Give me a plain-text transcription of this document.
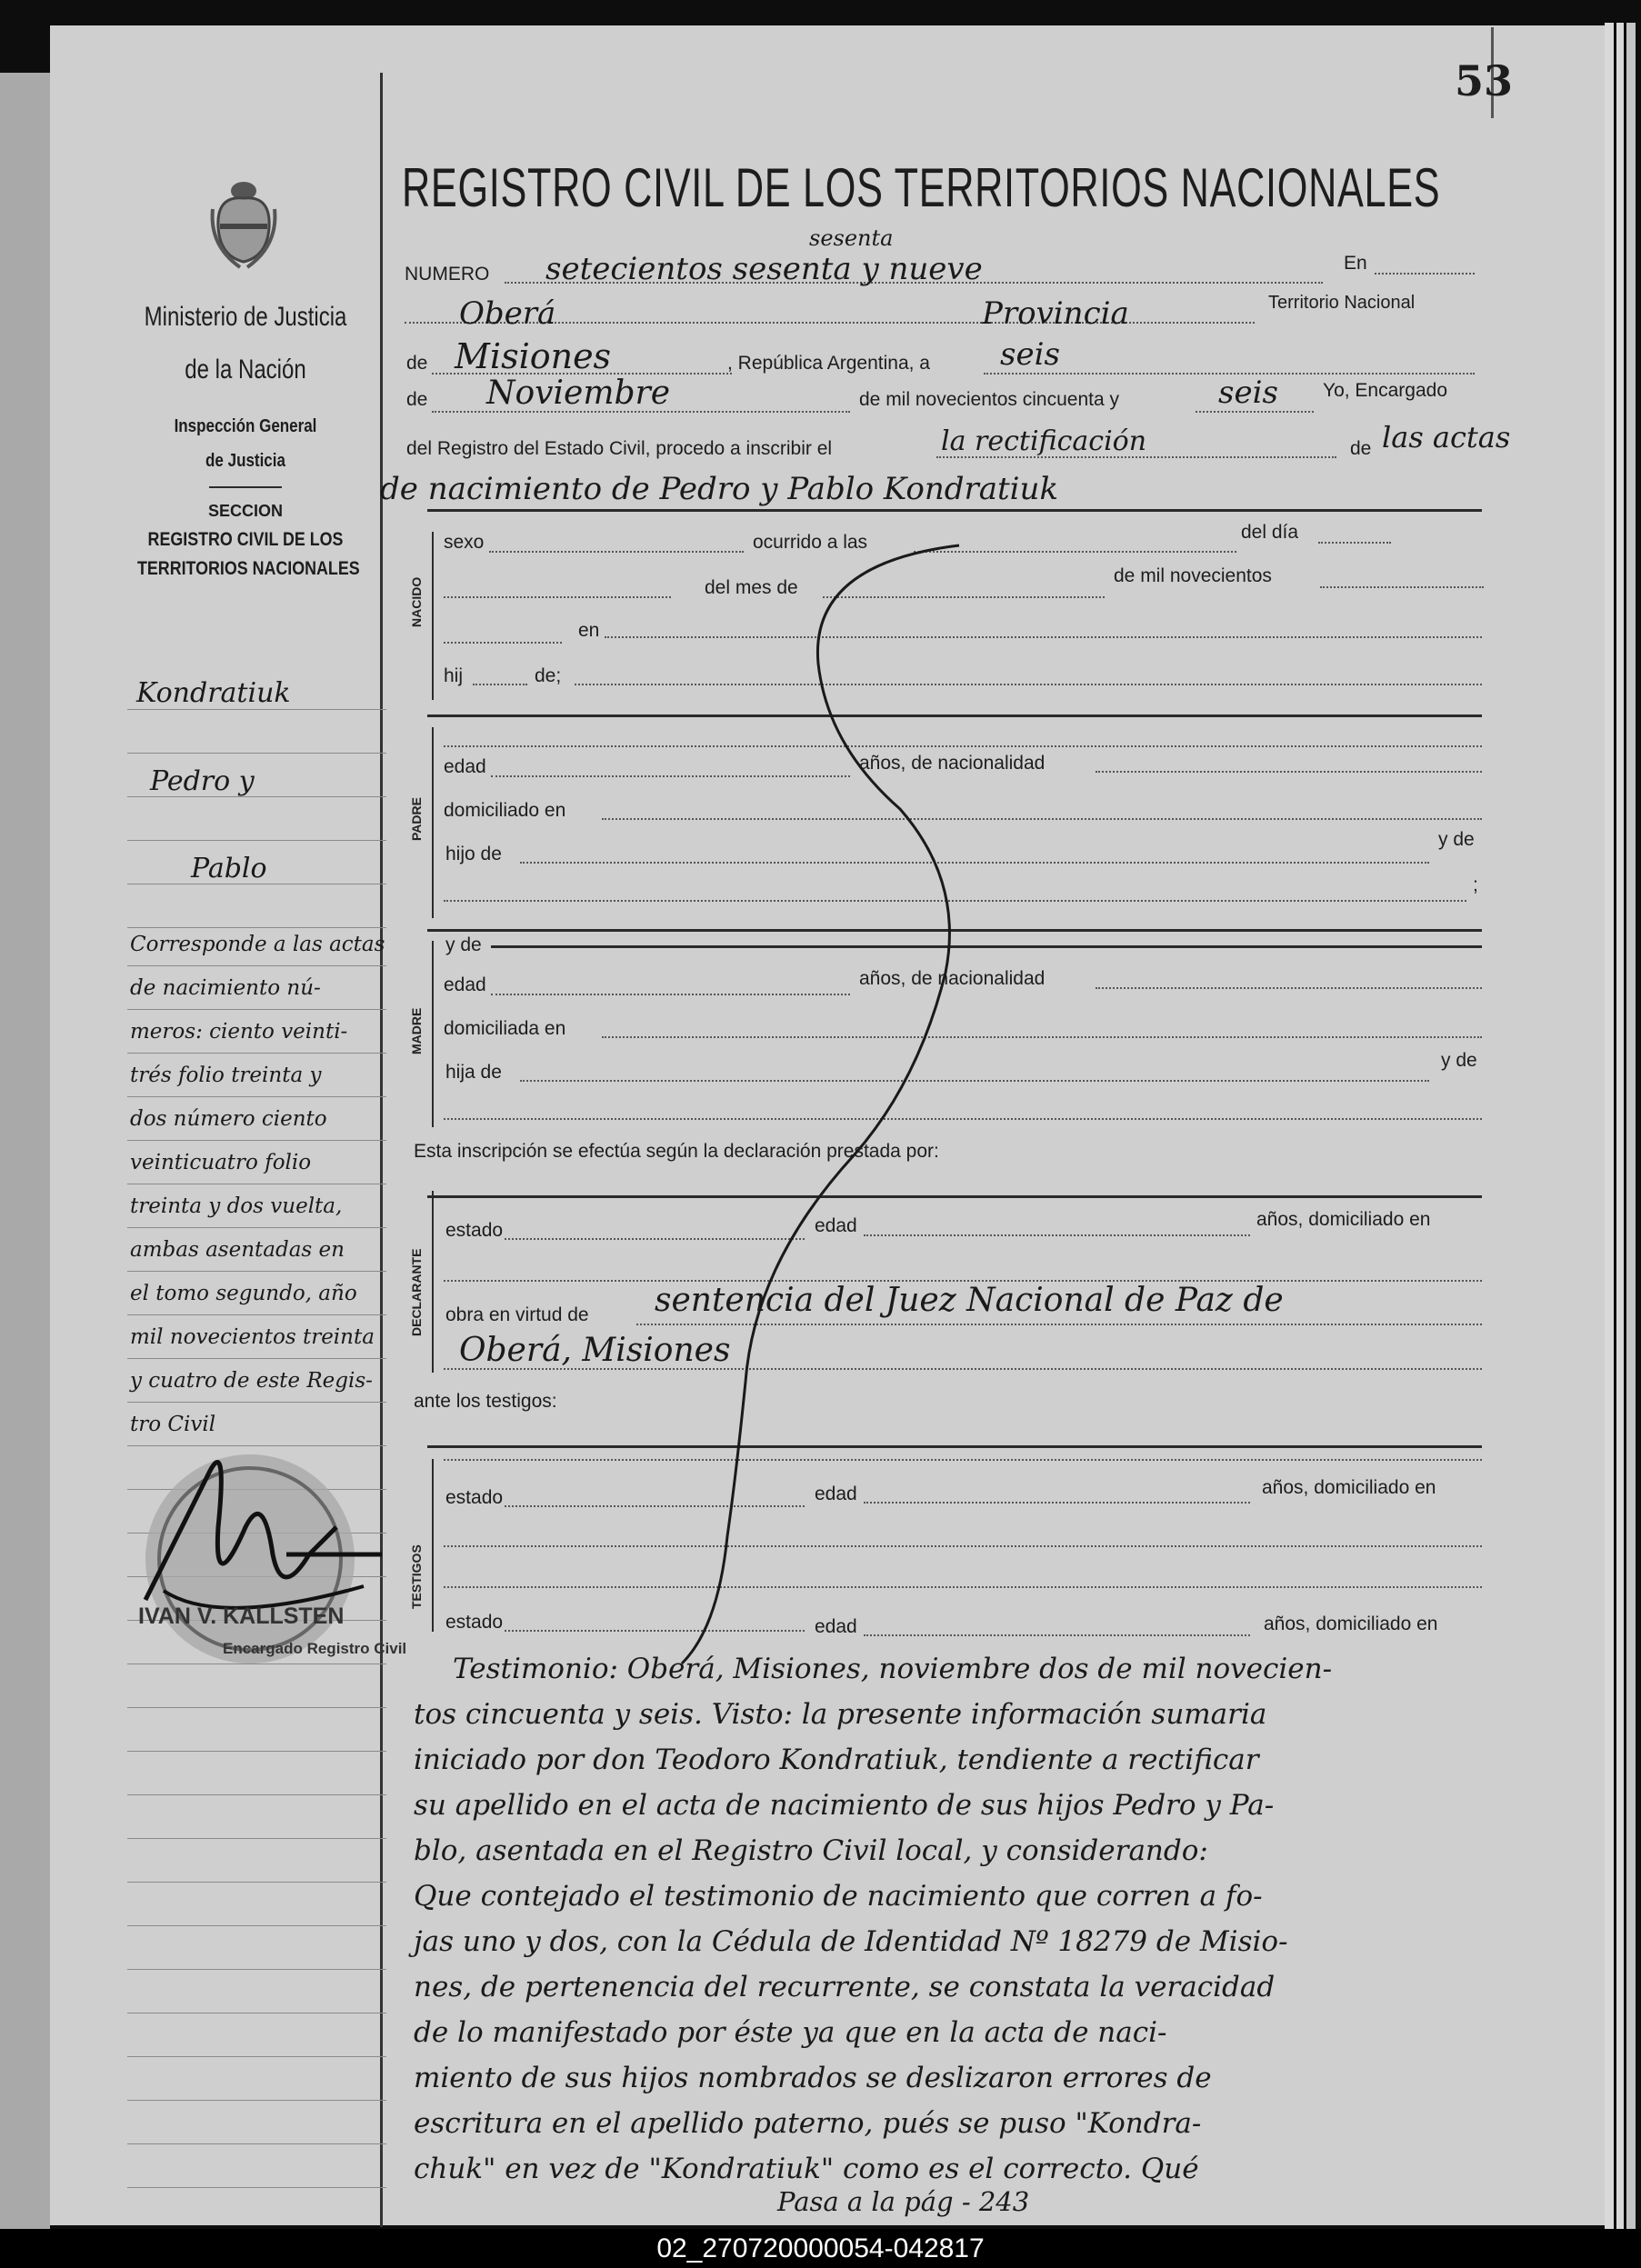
53
Ministerio de Justicia
de la Nación
Inspección General
de Justicia
SECCION
REGISTRO CIVIL DE LOS
TERRITORIOS NACIONALES
REGISTRO CIVIL DE LOS TERRITORIOS NACIONALES
Kondratiuk
Pedro y
Pablo
Corresponde a las actas
de nacimiento nú-
meros: ciento veinti-
trés folio treinta y
dos número ciento
veinticuatro folio
treinta y dos vuelta,
ambas asentadas en
el tomo segundo, año
mil novecientos treinta
y cuatro de este Regis-
tro Civil
IVAN V. KALLSTEN
Encargado Registro Civil
NUMERO setecientos sesenta y nueve
sesenta
En
Oberá	Provincia	Territorio Nacional
de Misiones	, República Argentina, a seis
de Noviembre	de mil novecientos cincuenta y	seis Yo, Encargado
del Registro del Estado Civil, procedo a inscribir el	la rectificación	de las actas
de nacimiento de Pedro y Pablo Kondratiuk
NACIDO
sexo	ocurrido a las	del día
del mes de
de mil novecientos
en
hij	de;
PADRE
edad	años, de nacionalidad
domiciliado en
hijo de
y de
;
MADRE
y de
edad	años, de nacionalidad
domiciliada en
hija de
y de
Esta inscripción se efectúa según la declaración prestada por:
DECLARANTE
estado	edad	años, domiciliado en
obra en virtud de sentencia del Juez Nacional de Paz de
Oberá, Misiones
ante los testigos:
TESTIGOS
estado	edad	años, domiciliado en
estado	edad	años, domiciliado en
Testimonio: Oberá, Misiones, noviembre dos de mil novecien-
tos cincuenta y seis. Visto: la presente información sumaria
iniciado por don Teodoro Kondratiuk, tendiente a rectificar
su apellido en el acta de nacimiento de sus hijos Pedro y Pa-
blo, asentada en el Registro Civil local, y considerando:
Que contejado el testimonio de nacimiento que corren a fo-
jas uno y dos, con la Cédula de Identidad Nº 18279 de Misio-
nes, de pertenencia del recurrente, se constata la veracidad
de lo manifestado por éste ya que en la acta de naci-
miento de sus hijos nombrados se deslizaron errores de
escritura en el apellido paterno, pués se puso "Kondra-
chuk" en vez de "Kondratiuk" como es el correcto. Qué
Pasa a la pág - 243
02_270720000054-042817
